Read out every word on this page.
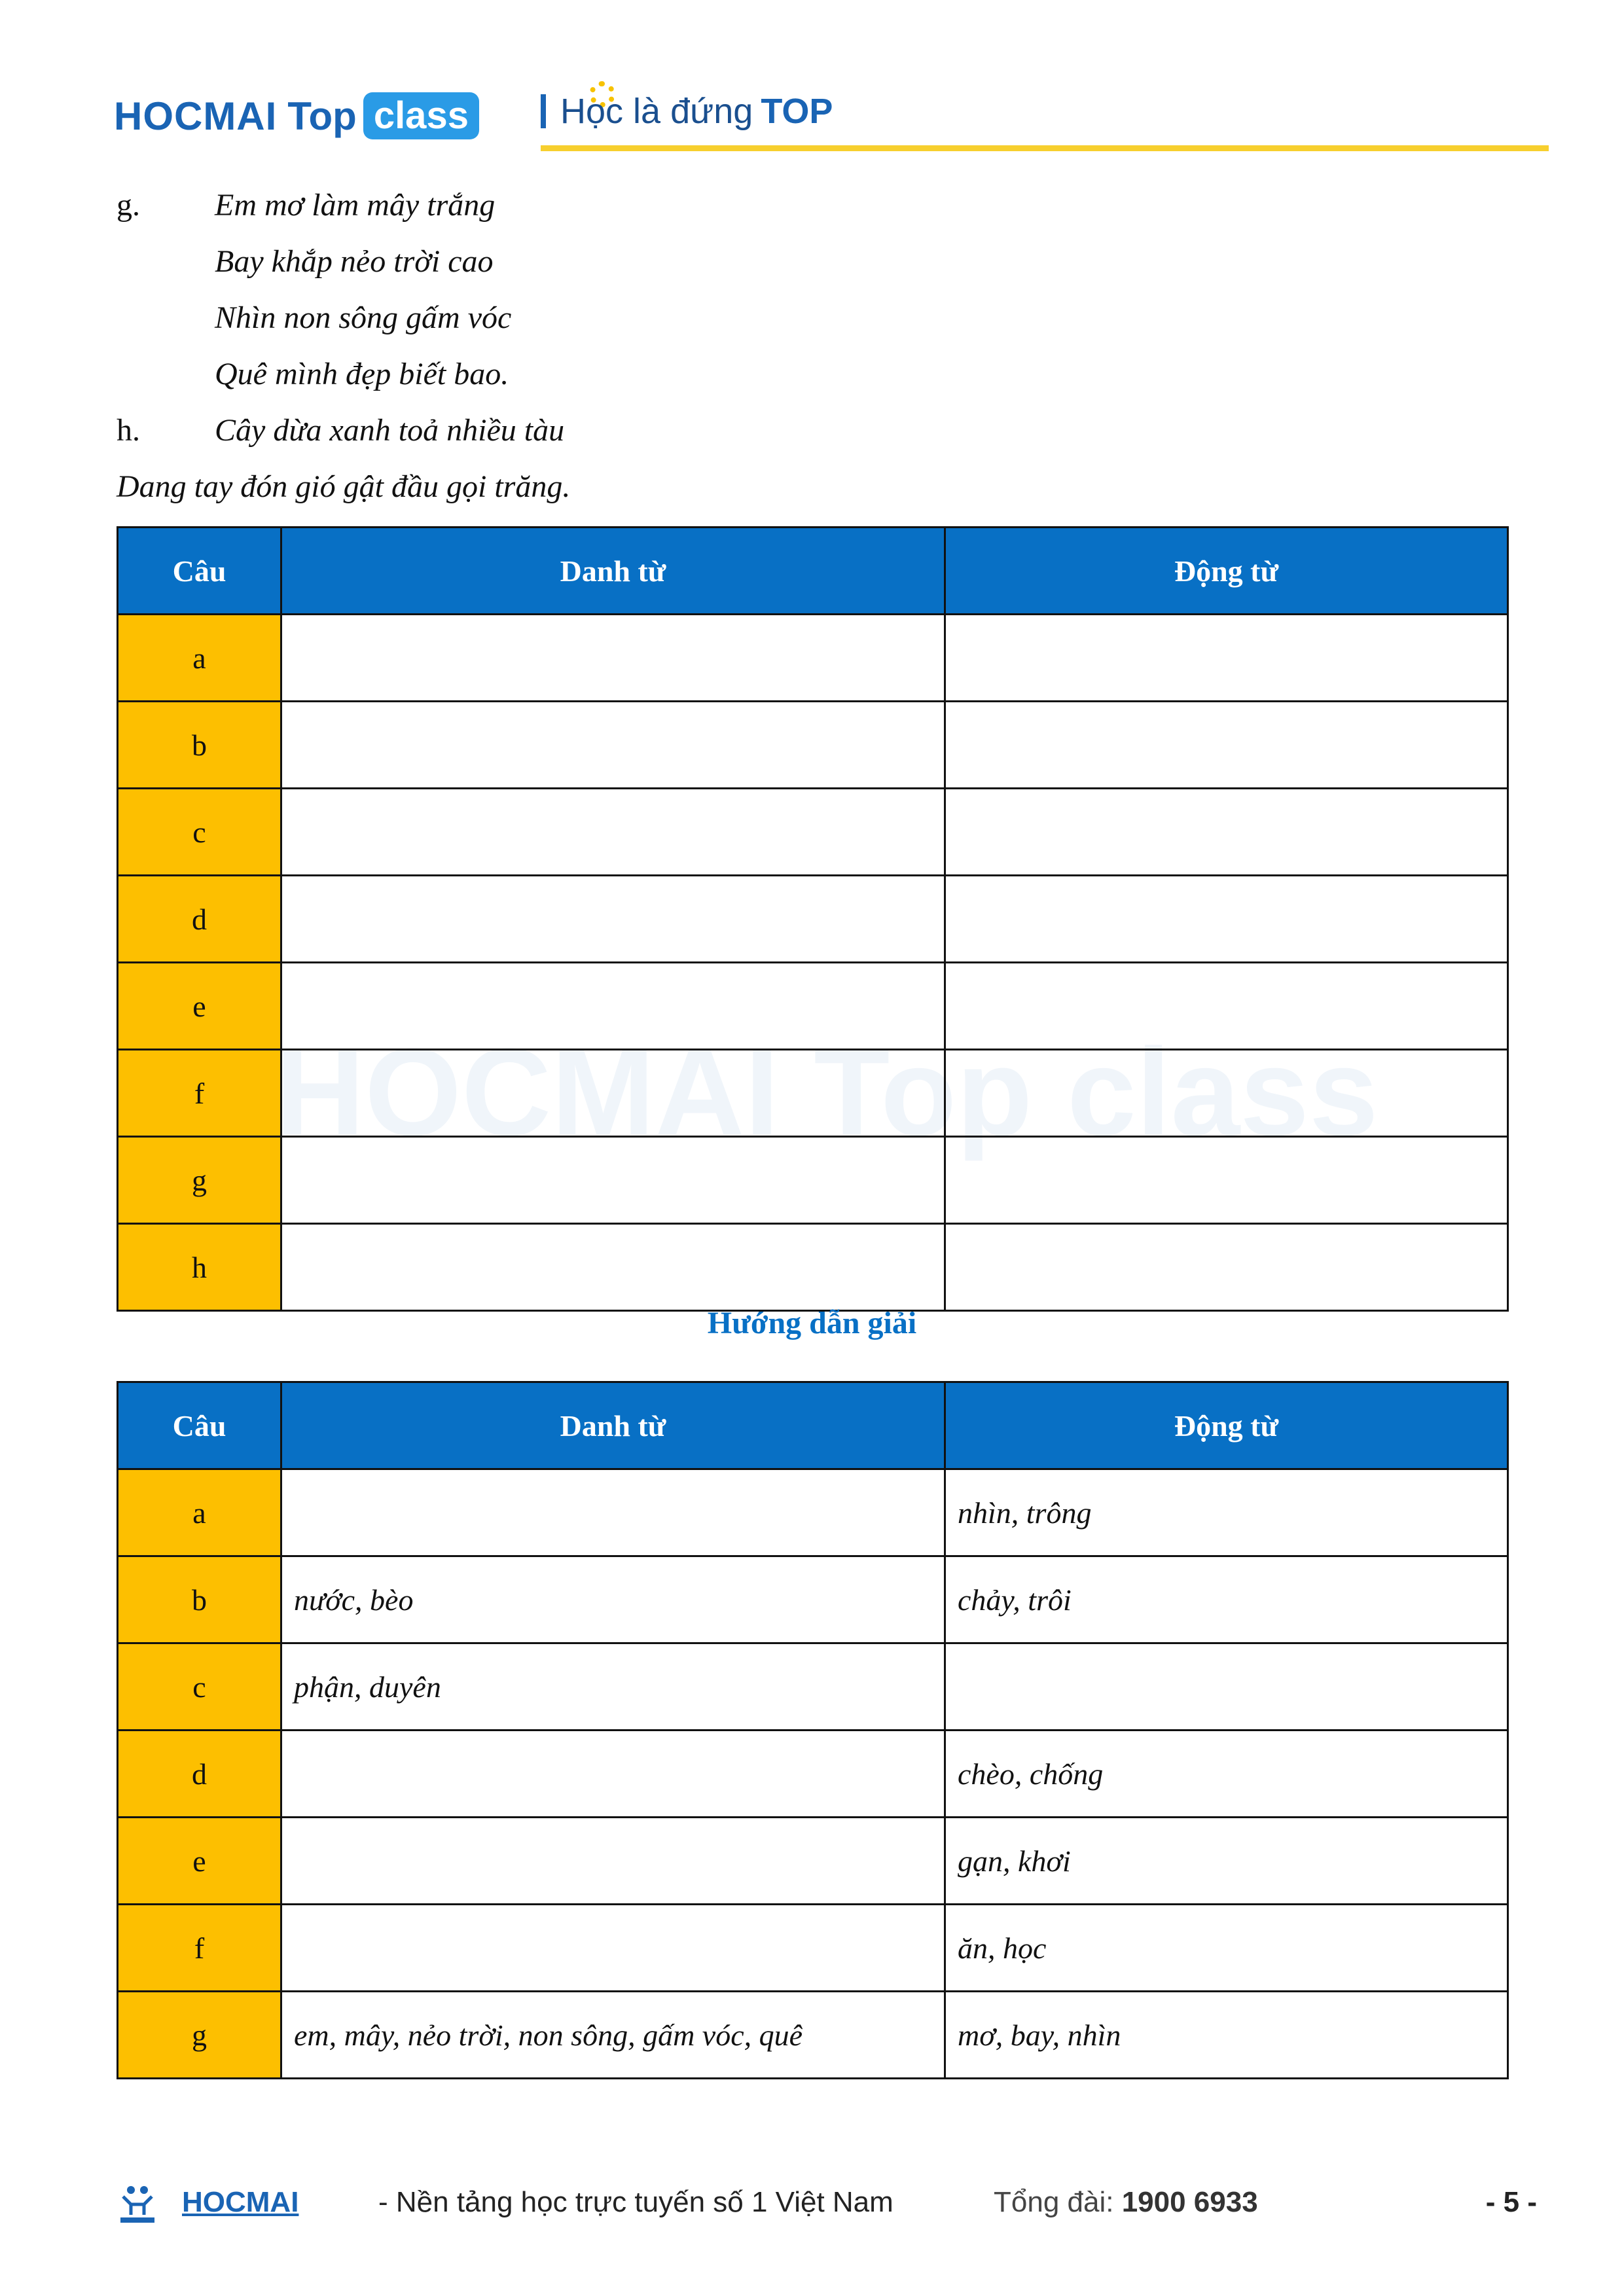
HOCMAI Top class	Học là đứng TOP
HOCMAI Top class
g. Em mơ làm mây trắng
Bay khắp nẻo trời cao
Nhìn non sông gấm vóc
Quê mình đẹp biết bao.
h. Cây dừa xanh toả nhiều tàu
Dang tay đón gió gật đầu gọi trăng.
Câu	Danh từ	Động từ
a		
b		
c		
d		
e		
f		
g		
h		
Hướng dẫn giải
Câu	Danh từ	Động từ
a		nhìn, trông
b	nước, bèo	chảy, trôi
c	phận, duyên	
d		chèo, chống
e		gạn, khơi
f		ăn, học
g	em, mây, nẻo trời, non sông, gấm vóc, quê	mơ, bay, nhìn
HOCMAI	- Nền tảng học trực tuyến số 1 Việt Nam	Tổng đài: 1900 6933	- 5 -
